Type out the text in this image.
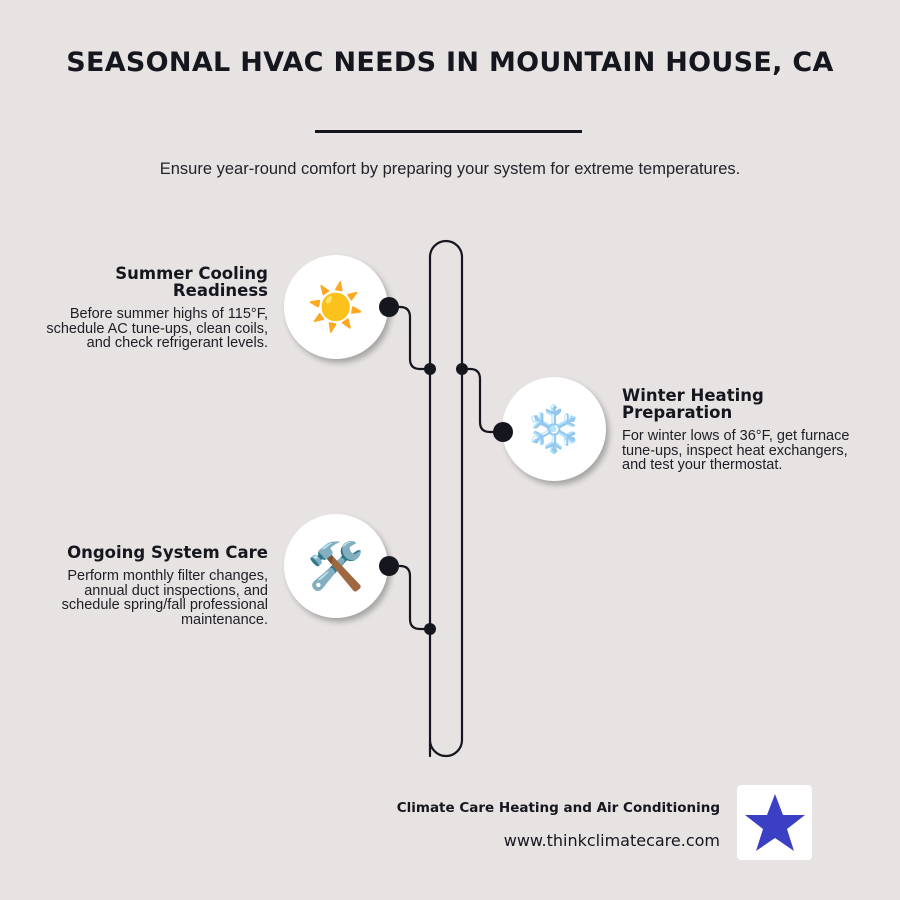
SEASONAL HVAC NEEDS IN MOUNTAIN HOUSE, CA
Ensure year-round comfort by preparing your system for extreme temperatures.
Summer Cooling Readiness
Before summer highs of 115°F, schedule AC tune-ups, clean coils, and check refrigerant levels.
☀️
❄️
Winter Heating Preparation
For winter lows of 36°F, get furnace tune-ups, inspect heat exchangers, and test your thermostat.
Ongoing System Care
Perform monthly filter changes, annual duct inspections, and schedule spring/fall professional maintenance.
🛠️
Climate Care Heating and Air Conditioning
www.thinkclimatecare.com
